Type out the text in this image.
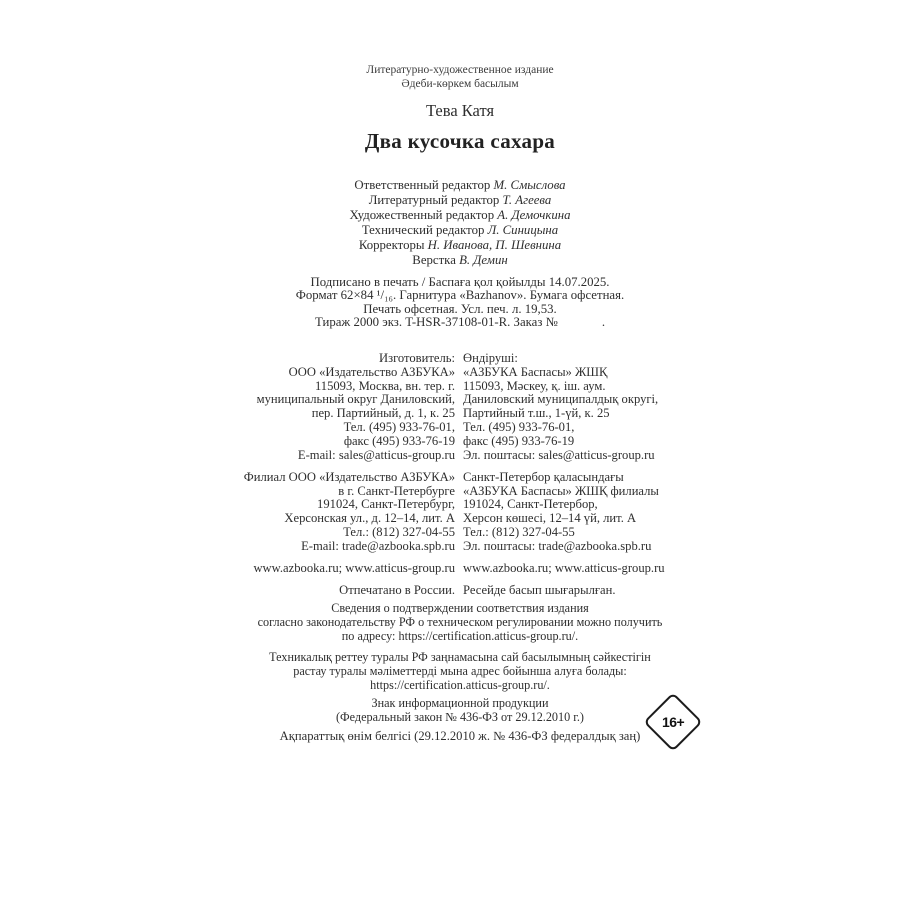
Литературно-художественное издание
Әдеби-көркем басылым
Тева Катя
Два кусочка сахара
Ответственный редактор М. Смыслова
Литературный редактор Т. Агеева
Художественный редактор А. Демочкина
Технический редактор Л. Синицына
Корректоры Н. Иванова, П. Шевнина
Верстка В. Демин
Подписано в печать / Баспаға қол қойылды 14.07.2025.
Формат 62×84 ¹/₁₆. Гарнитура «Bazhanov». Бумага офсетная.
Печать офсетная. Усл. печ. л. 19,53.
Тираж 2000 экз. T-HSR-37108-01-R. Заказ №	.
Изготовитель:
ООО «Издательство АЗБУКА»
115093, Москва, вн. тер. г.
муниципальный округ Даниловский,
пер. Партийный, д. 1, к. 25
Тел. (495) 933-76-01,
факс (495) 933-76-19
E-mail: sales@atticus-group.ru
Филиал ООО «Издательство АЗБУКА»
в г. Санкт-Петербурге
191024, Санкт-Петербург,
Херсонская ул., д. 12–14, лит. А
Тел.: (812) 327-04-55
E-mail: trade@azbooka.spb.ru
www.azbooka.ru; www.atticus-group.ru
Отпечатано в России.
Өндіруші:
«АЗБУКА Баспасы» ЖШҚ
115093, Мәскеу, қ. іш. аум.
Даниловский муниципалдық округі,
Партийный т.ш., 1-үй, к. 25
Тел. (495) 933-76-01,
факс (495) 933-76-19
Эл. поштасы: sales@atticus-group.ru
Санкт-Петербор қаласындағы
«АЗБУКА Баспасы» ЖШҚ филиалы
191024, Санкт-Петербор,
Херсон көшесі, 12–14 үй, лит. А
Тел.: (812) 327-04-55
Эл. поштасы: trade@azbooka.spb.ru
www.azbooka.ru; www.atticus-group.ru
Ресейде басып шығарылған.
Сведения о подтверждении соответствия издания
согласно законодательству РФ о техническом регулировании можно получить
по адресу: https://certification.atticus-group.ru/.
Техникалық реттеу туралы РФ заңнамасына сай басылымның сәйкестігін
растау туралы мәліметтерді мына адрес бойынша алуға болады:
https://certification.atticus-group.ru/.
Знак информационной продукции
(Федеральный закон № 436-ФЗ от 29.12.2010 г.)
Ақпараттық өнім белгісі (29.12.2010 ж. № 436-ФЗ федералдық заң)
16+
